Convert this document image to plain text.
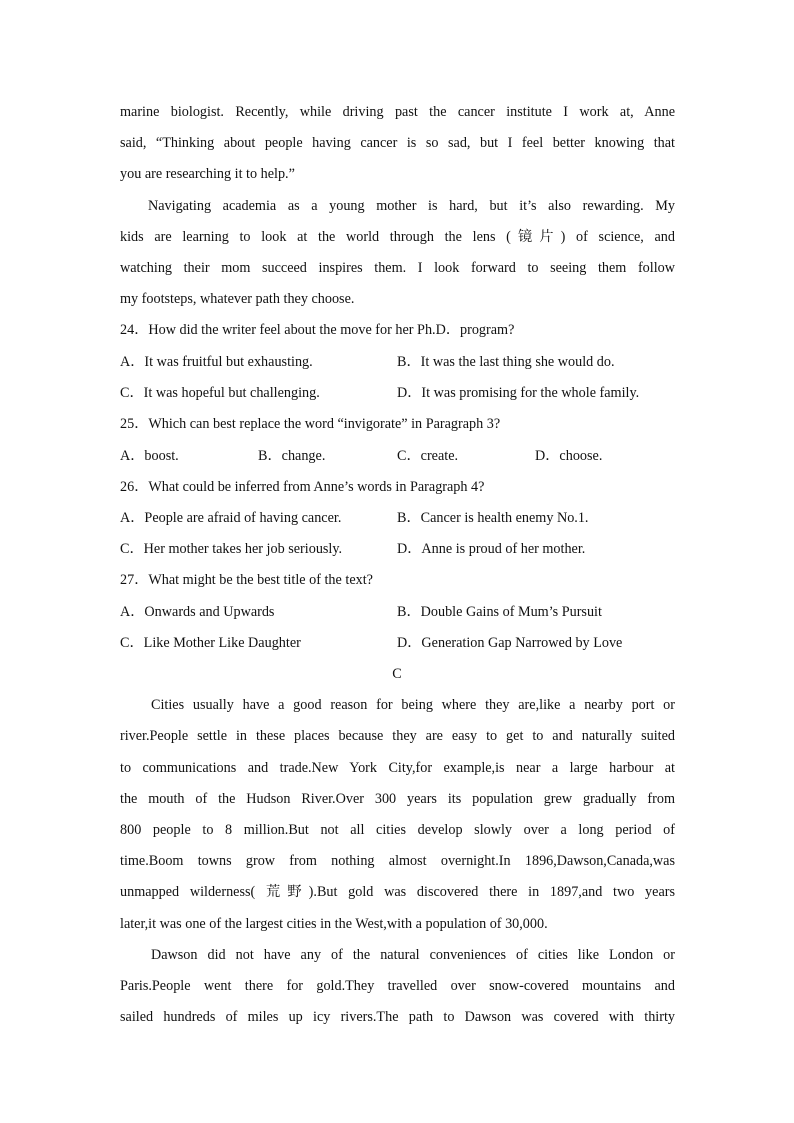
marine biologist. Recently, while driving past the cancer institute I work at, Anne
said, “Thinking about people having cancer is so sad, but I feel better knowing that
you are researching it to help.”
Navigating academia as a young mother is hard, but it’s also rewarding. My
kids are learning to look at the world through the lens (镜片) of science, and
watching their mom succeed inspires them. I look forward to seeing them follow
my footsteps, whatever path they choose.
24．How did the writer feel about the move for her Ph.D．program?
A．It was fruitful but exhausting.	B．It was the last thing she would do.
C．It was hopeful but challenging.	D．It was promising for the whole family.
25．Which can best replace the word “invigorate” in Paragraph 3?
A．boost.	B．change.	C．create.	D．choose.
26．What could be inferred from Anne’s words in Paragraph 4?
A．People are afraid of having cancer.	B．Cancer is health enemy No.1.
C．Her mother takes her job seriously.	D．Anne is proud of her mother.
27．What might be the best title of the text?
A．Onwards and Upwards	B．Double Gains of Mum’s Pursuit
C．Like Mother Like Daughter	D．Generation Gap Narrowed by Love
C
Cities usually have a good reason for being where they are,like a nearby port or
river.People settle in these places because they are easy to get to and naturally suited
to communications and trade.New York City,for example,is near a large harbour at
the mouth of the Hudson River.Over 300 years its population grew gradually from
800 people to 8 million.But not all cities develop slowly over a long period of
time.Boom towns grow from nothing almost overnight.In 1896,Dawson,Canada,was
unmapped wilderness( 荒野).But gold was discovered there in 1897,and two years
later,it was one of the largest cities in the West,with a population of 30,000.
Dawson did not have any of the natural conveniences of cities like London or
Paris.People went there for gold.They travelled over snow-covered mountains and
sailed hundreds of miles up icy rivers.The path to Dawson was covered with thirty
